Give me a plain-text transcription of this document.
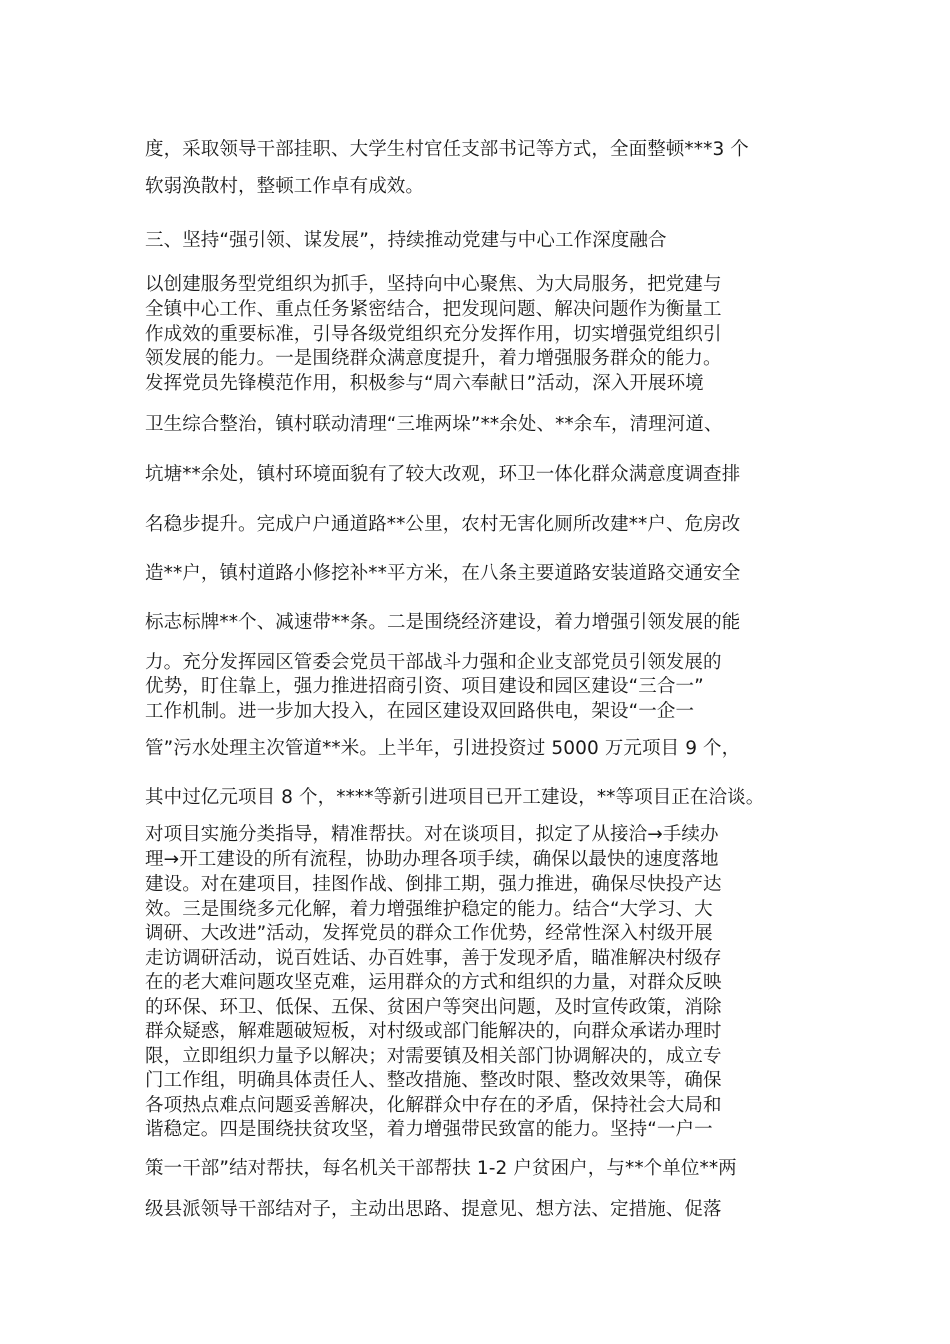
度，采取领导干部挂职、大学生村官任支部书记等方式，全面整顿***3 个
软弱涣散村，整顿工作卓有成效。
三、坚持“强引领、谋发展”，持续推动党建与中心工作深度融合
以创建服务型党组织为抓手，坚持向中心聚焦、为大局服务，把党建与
全镇中心工作、重点任务紧密结合，把发现问题、解决问题作为衡量工
作成效的重要标准，引导各级党组织充分发挥作用，切实增强党组织引
领发展的能力。一是围绕群众满意度提升，着力增强服务群众的能力。
发挥党员先锋模范作用，积极参与“周六奉献日”活动，深入开展环境
卫生综合整治，镇村联动清理“三堆两垛”**余处、**余车，清理河道、
坑塘**余处，镇村环境面貌有了较大改观，环卫一体化群众满意度调查排
名稳步提升。完成户户通道路**公里，农村无害化厕所改建**户、危房改
造**户，镇村道路小修挖补**平方米，在八条主要道路安装道路交通安全
标志标牌**个、减速带**条。二是围绕经济建设，着力增强引领发展的能
力。充分发挥园区管委会党员干部战斗力强和企业支部党员引领发展的
优势，盯住靠上，强力推进招商引资、项目建设和园区建设“三合一”
工作机制。进一步加大投入，在园区建设双回路供电，架设“一企一
管”污水处理主次管道**米。上半年，引进投资过 5000 万元项目 9 个，
其中过亿元项目 8 个，****等新引进项目已开工建设，**等项目正在洽谈。
对项目实施分类指导，精准帮扶。对在谈项目，拟定了从接洽→手续办
理→开工建设的所有流程，协助办理各项手续，确保以最快的速度落地
建设。对在建项目，挂图作战、倒排工期，强力推进，确保尽快投产达
效。三是围绕多元化解，着力增强维护稳定的能力。结合“大学习、大
调研、大改进”活动，发挥党员的群众工作优势，经常性深入村级开展
走访调研活动，说百姓话、办百姓事，善于发现矛盾，瞄准解决村级存
在的老大难问题攻坚克难，运用群众的方式和组织的力量，对群众反映
的环保、环卫、低保、五保、贫困户等突出问题，及时宣传政策，消除
群众疑惑，解难题破短板，对村级或部门能解决的，向群众承诺办理时
限，立即组织力量予以解决；对需要镇及相关部门协调解决的，成立专
门工作组，明确具体责任人、整改措施、整改时限、整改效果等，确保
各项热点难点问题妥善解决，化解群众中存在的矛盾，保持社会大局和
谐稳定。四是围绕扶贫攻坚，着力增强带民致富的能力。坚持“一户一
策一干部”结对帮扶，每名机关干部帮扶 1-2 户贫困户，与**个单位**两
级县派领导干部结对子，主动出思路、提意见、想方法、定措施、促落
